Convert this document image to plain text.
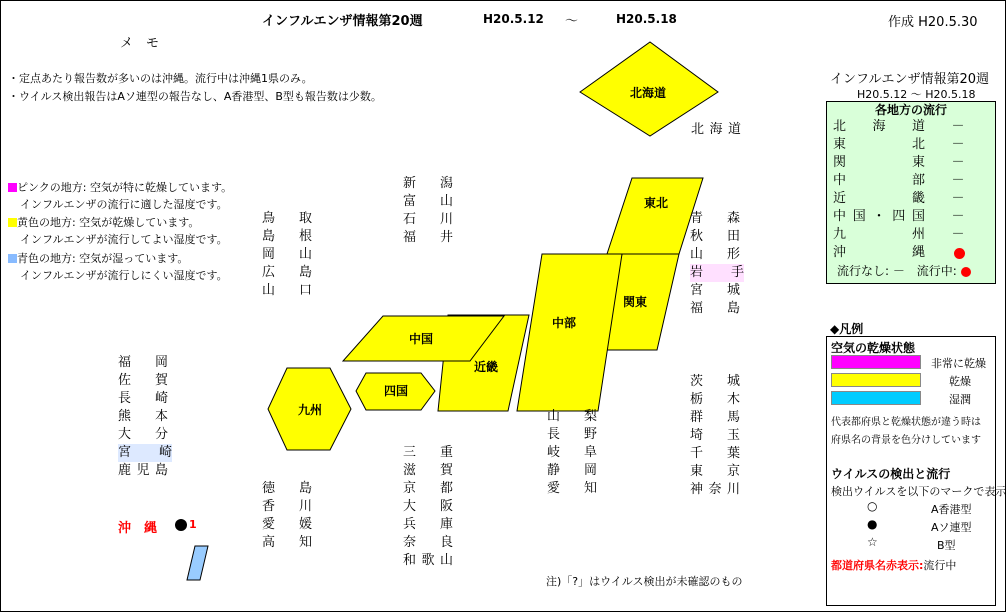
インフルエンザ情報第20週	H20.5.12 ～	H20.5.18	作成 H20.5.30
メ　モ
・定点あたり報告数が多いのは沖縄。流行中は沖縄1県のみ。
・ウイルス検出報告はAソ連型の報告なし、A香港型、B型も報告数は少数。
ピンクの地方: 空気が特に乾燥しています。
インフルエンザの流行に適した湿度です。
黄色の地方: 空気が乾燥しています。
インフルエンザが流行してよい湿度です。
青色の地方: 空気が湿っています。
インフルエンザが流行しにくい湿度です。
北海道
東北
関東
中部
近畿
中国
四国
九州
北海道
青森
秋田
山形
岩手
宮城
福島
新潟
富山
石川
福井
鳥取
島根
岡山
広島
山口
福岡
佐賀
長崎
熊本
大分
宮崎
鹿児島
茨城
栃木
群馬
埼玉
千葉
東京
神奈川
山梨
長野
岐阜
静岡
愛知
三重
滋賀
京都
大阪
兵庫
奈良
和歌山
徳島
香川
愛媛
高知
沖　縄	1
注)「?」はウイルス検出が未確認のもの
インフルエンザ情報第20週
H20.5.12 ～ H20.5.18
各地方の流行
北海道 －
東北 －
関東 －
中部 －
近畿 －
中国・四国 －
九州 －
沖縄
流行なし: － 流行中:
◆凡例
空気の乾燥状態
非常に乾燥
乾燥
湿潤
代表都府県と乾燥状態が違う時は
府県名の背景を色分けしています
ウイルスの検出と流行
検出ウイルスを以下のマークで表示
○	A香港型
●	Aソ連型
☆	B型
都道府県名赤表示:流行中
